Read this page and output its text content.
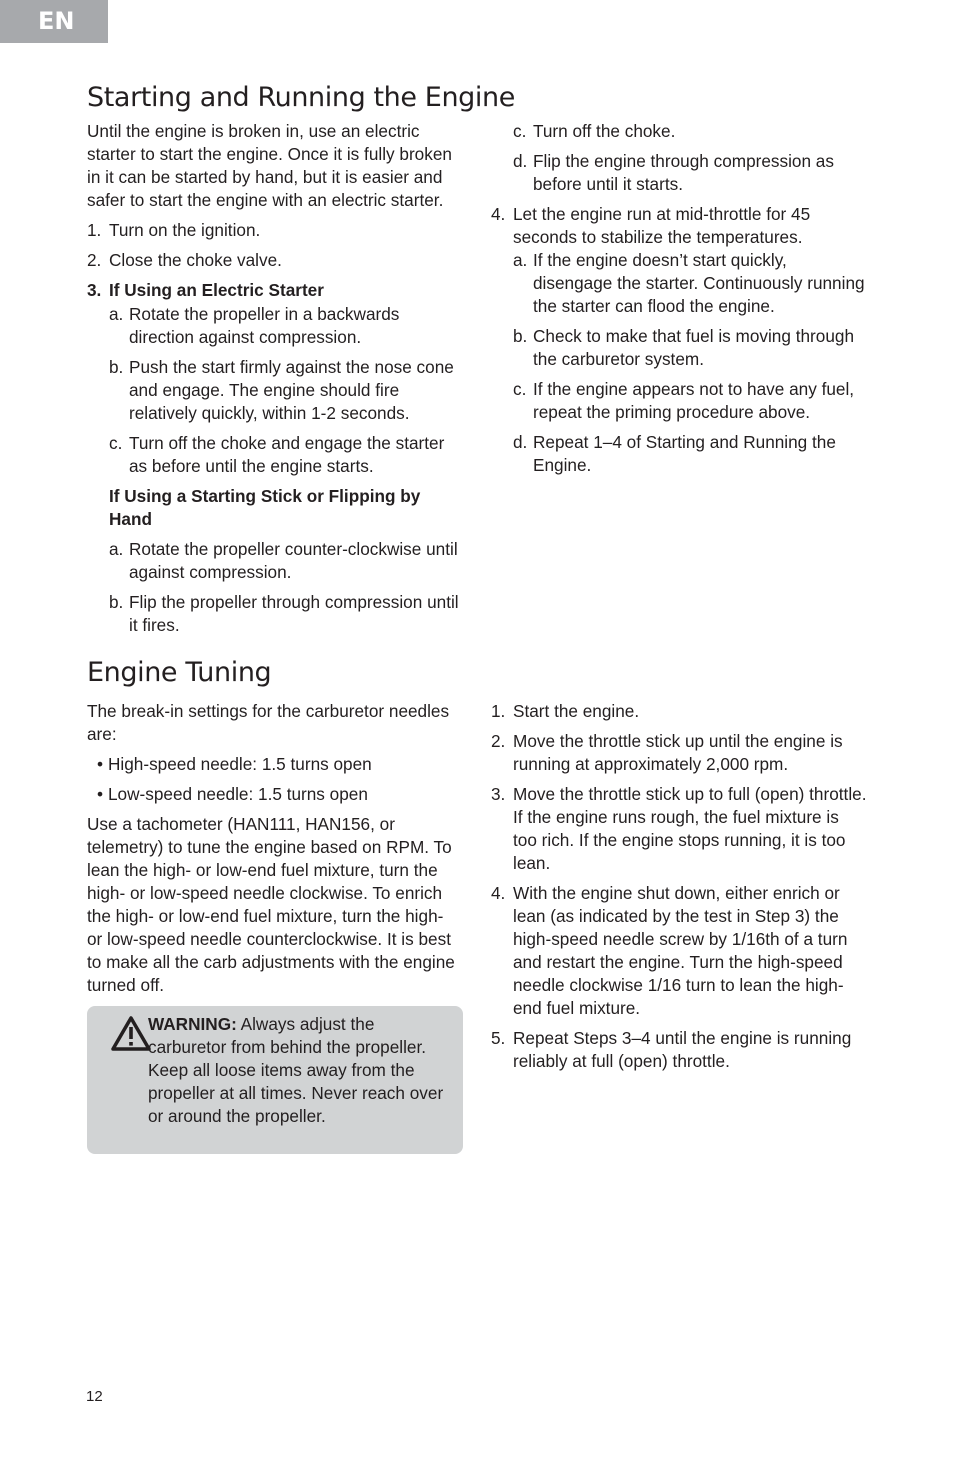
EN
Starting and Running the Engine

Until the engine is broken in, use an electric starter to start the engine. Once it is fully broken in it can be started by hand, but it is easier and safer to start the engine with an electric starter.

1. Turn on the ignition.
2. Close the choke valve.
3. If Using an Electric Starter
a. Rotate the propeller in a backwards direction against compression.
b. Push the start firmly against the nose cone and engage. The engine should fire relatively quickly, within 1-2 seconds.
c. Turn off the choke and engage the starter as before until the engine starts.
If Using a Starting Stick or Flipping by Hand
a. Rotate the propeller counter-clockwise until against compression.
b. Flip the propeller through compression until it fires.
c. Turn off the choke.
d. Flip the engine through compression as before until it starts.
4. Let the engine run at mid-throttle for 45 seconds to stabilize the temperatures.
a. If the engine doesn’t start quickly, disengage the starter. Continuously running the starter can flood the engine.
b. Check to make that fuel is moving through the carburetor system.
c. If the engine appears not to have any fuel, repeat the priming procedure above.
d. Repeat 1–4 of Starting and Running the Engine.
Engine Tuning

The break-in settings for the carburetor needles are:

• High-speed needle: 1.5 turns open
• Low-speed needle: 1.5 turns open

Use a tachometer (HAN111, HAN156, or telemetry) to tune the engine based on RPM. To lean the high- or low-end fuel mixture, turn the high- or low-speed needle clockwise. To enrich the high- or low-end fuel mixture, turn the high- or low-speed needle counterclockwise. It is best to make all the carb adjustments with the engine turned off.

WARNING: Always adjust the carburetor from behind the propeller. Keep all loose items away from the propeller at all times. Never reach over or around the propeller.
1. Start the engine.
2. Move the throttle stick up until the engine is running at approximately 2,000 rpm.
3. Move the throttle stick up to full (open) throttle. If the engine runs rough, the fuel mixture is too rich. If the engine stops running, it is too lean.
4. With the engine shut down, either enrich or lean (as indicated by the test in Step 3) the high-speed needle screw by 1/16th of a turn and restart the engine. Turn the high-speed needle clockwise 1/16 turn to lean the high-end fuel mixture.
5. Repeat Steps 3–4 until the engine is running reliably at full (open) throttle.
12
